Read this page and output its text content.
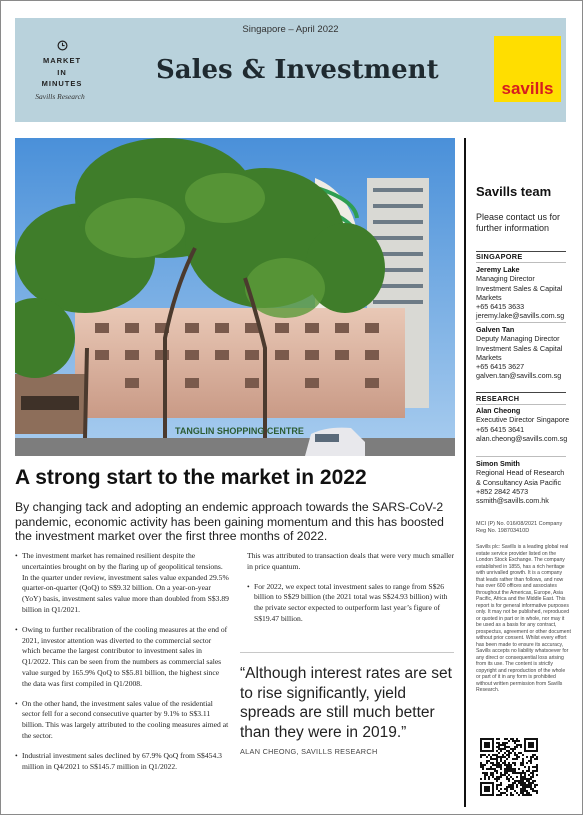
Singapore – April 2022
MARKET
IN
MINUTES
Savills Research
Sales & Investment
savills
TANGLIN SHOPPING CENTRE
A strong start to the market in 2022
By changing tack and adopting an endemic approach towards the SARS-CoV-2 pandemic, economic activity has been gaining momentum and this has boosted the investment market over the first three months of 2022.

• The investment market has remained resilient despite the uncertainties brought on by the flaring up of geopolitical tensions. In the quarter under review, investment sales value expanded 29.5% quarter-on-quarter (QoQ) to S$9.32 billion. On a year-on-year (YoY) basis, investment sales value more than doubled from S$3.89 billion in Q1/2021.

• Owing to further recalibration of the cooling measures at the end of 2021, investor attention was diverted to the commercial sector which became the largest contributor to investment sales in Q1/2022. This can be seen from the numbers as commercial sales value surged by 165.9% QoQ to S$5.81 billion, the highest since the data was first compiled in Q1/2008.

• On the other hand, the investment sales value of the residential sector fell for a second consecutive quarter by 9.1% to S$3.11 billion. This was largely attributed to the cooling measures aimed at the sector.

• Industrial investment sales declined by 67.9% QoQ from S$454.3 million in Q4/2021 to S$145.7 million in Q1/2022.

This was attributed to transaction deals that were very much smaller in price quantum.

• For 2022, we expect total investment sales to range from S$26 billion to S$29 billion (the 2021 total was S$24.93 billion) with the private sector expected to outperform last year’s figure of S$19.47 billion.

“Although interest rates are set to rise significantly, yield spreads are still much better than they were in 2019.”
ALAN CHEONG, SAVILLS RESEARCH
Savills team
Please contact us for further information
SINGAPORE
Jeremy Lake
Managing Director Investment Sales & Capital Markets
+65 6415 3633
jeremy.lake@savills.com.sg
Galven Tan
Deputy Managing Director Investment Sales & Capital Markets
+65 6415 3627
galven.tan@savills.com.sg
RESEARCH
Alan Cheong
Executive Director Singapore
+65 6415 3641
alan.cheong@savills.com.sg
Simon Smith
Regional Head of Research & Consultancy Asia Pacific
+852 2842 4573
ssmith@savills.com.hk
MCI (P) No. 016/08/2021 Company Reg No. 198703410D
Savills plc: Savills is a leading global real estate service provider listed on the London Stock Exchange. The company established in 1855, has a rich heritage with unrivalled growth. It is a company that leads rather than follows, and now has over 600 offices and associates throughout the Americas, Europe, Asia Pacific, Africa and the Middle East. This report is for general informative purposes only. It may not be published, reproduced or quoted in part or in whole, nor may it be used as a basis for any contract, prospectus, agreement or other document without prior consent. Whilst every effort has been made to ensure its accuracy, Savills accepts no liability whatsoever for any direct or consequential loss arising from its use. The content is strictly copyright and reproduction of the whole or part of it in any form is prohibited without written permission from Savills Research.
